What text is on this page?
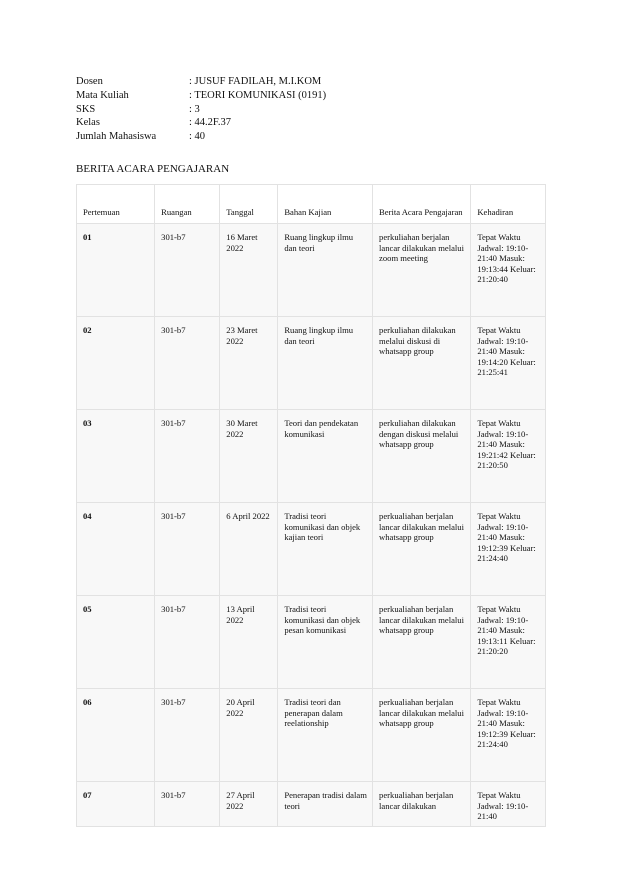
Dosen	: JUSUF FADILAH, M.I.KOM
Mata Kuliah	: TEORI KOMUNIKASI (0191)
SKS	: 3
Kelas	: 44.2F.37
Jumlah Mahasiswa	: 40
BERITA ACARA PENGAJARAN
Pertemuan	Ruangan	Tanggal	Bahan Kajian	Berita Acara Pengajaran	Kehadiran
01	301-b7	16 Maret 2022	Ruang lingkup ilmu dan teori	perkuliahan berjalan lancar dilakukan melalui zoom meeting	Tepat Waktu Jadwal: 19:10-21:40 Masuk: 19:13:44 Keluar: 21:20:40
02	301-b7	23 Maret 2022	Ruang lingkup ilmu dan teori	perkuliahan dilakukan melalui diskusi di whatsapp group	Tepat Waktu Jadwal: 19:10-21:40 Masuk: 19:14:20 Keluar: 21:25:41
03	301-b7	30 Maret 2022	Teori dan pendekatan komunikasi	perkuliahan dilakukan dengan diskusi melalui whatsapp group	Tepat Waktu Jadwal: 19:10-21:40 Masuk: 19:21:42 Keluar: 21:20:50
04	301-b7	6 April 2022	Tradisi teori komunikasi dan objek kajian teori	perkualiahan berjalan lancar dilakukan melalui whatsapp group	Tepat Waktu Jadwal: 19:10-21:40 Masuk: 19:12:39 Keluar: 21:24:40
05	301-b7	13 April 2022	Tradisi teori komunikasi dan objek pesan komunikasi	perkualiahan berjalan lancar dilakukan melalui whatsapp group	Tepat Waktu Jadwal: 19:10-21:40 Masuk: 19:13:11 Keluar: 21:20:20
06	301-b7	20 April 2022	Tradisi teori dan penerapan dalam reelationship	perkualiahan berjalan lancar dilakukan melalui whatsapp group	Tepat Waktu Jadwal: 19:10-21:40 Masuk: 19:12:39 Keluar: 21:24:40
07	301-b7	27 April 2022	Penerapan tradisi dalam teori	perkualiahan berjalan lancar dilakukan	Tepat Waktu Jadwal: 19:10-21:40
